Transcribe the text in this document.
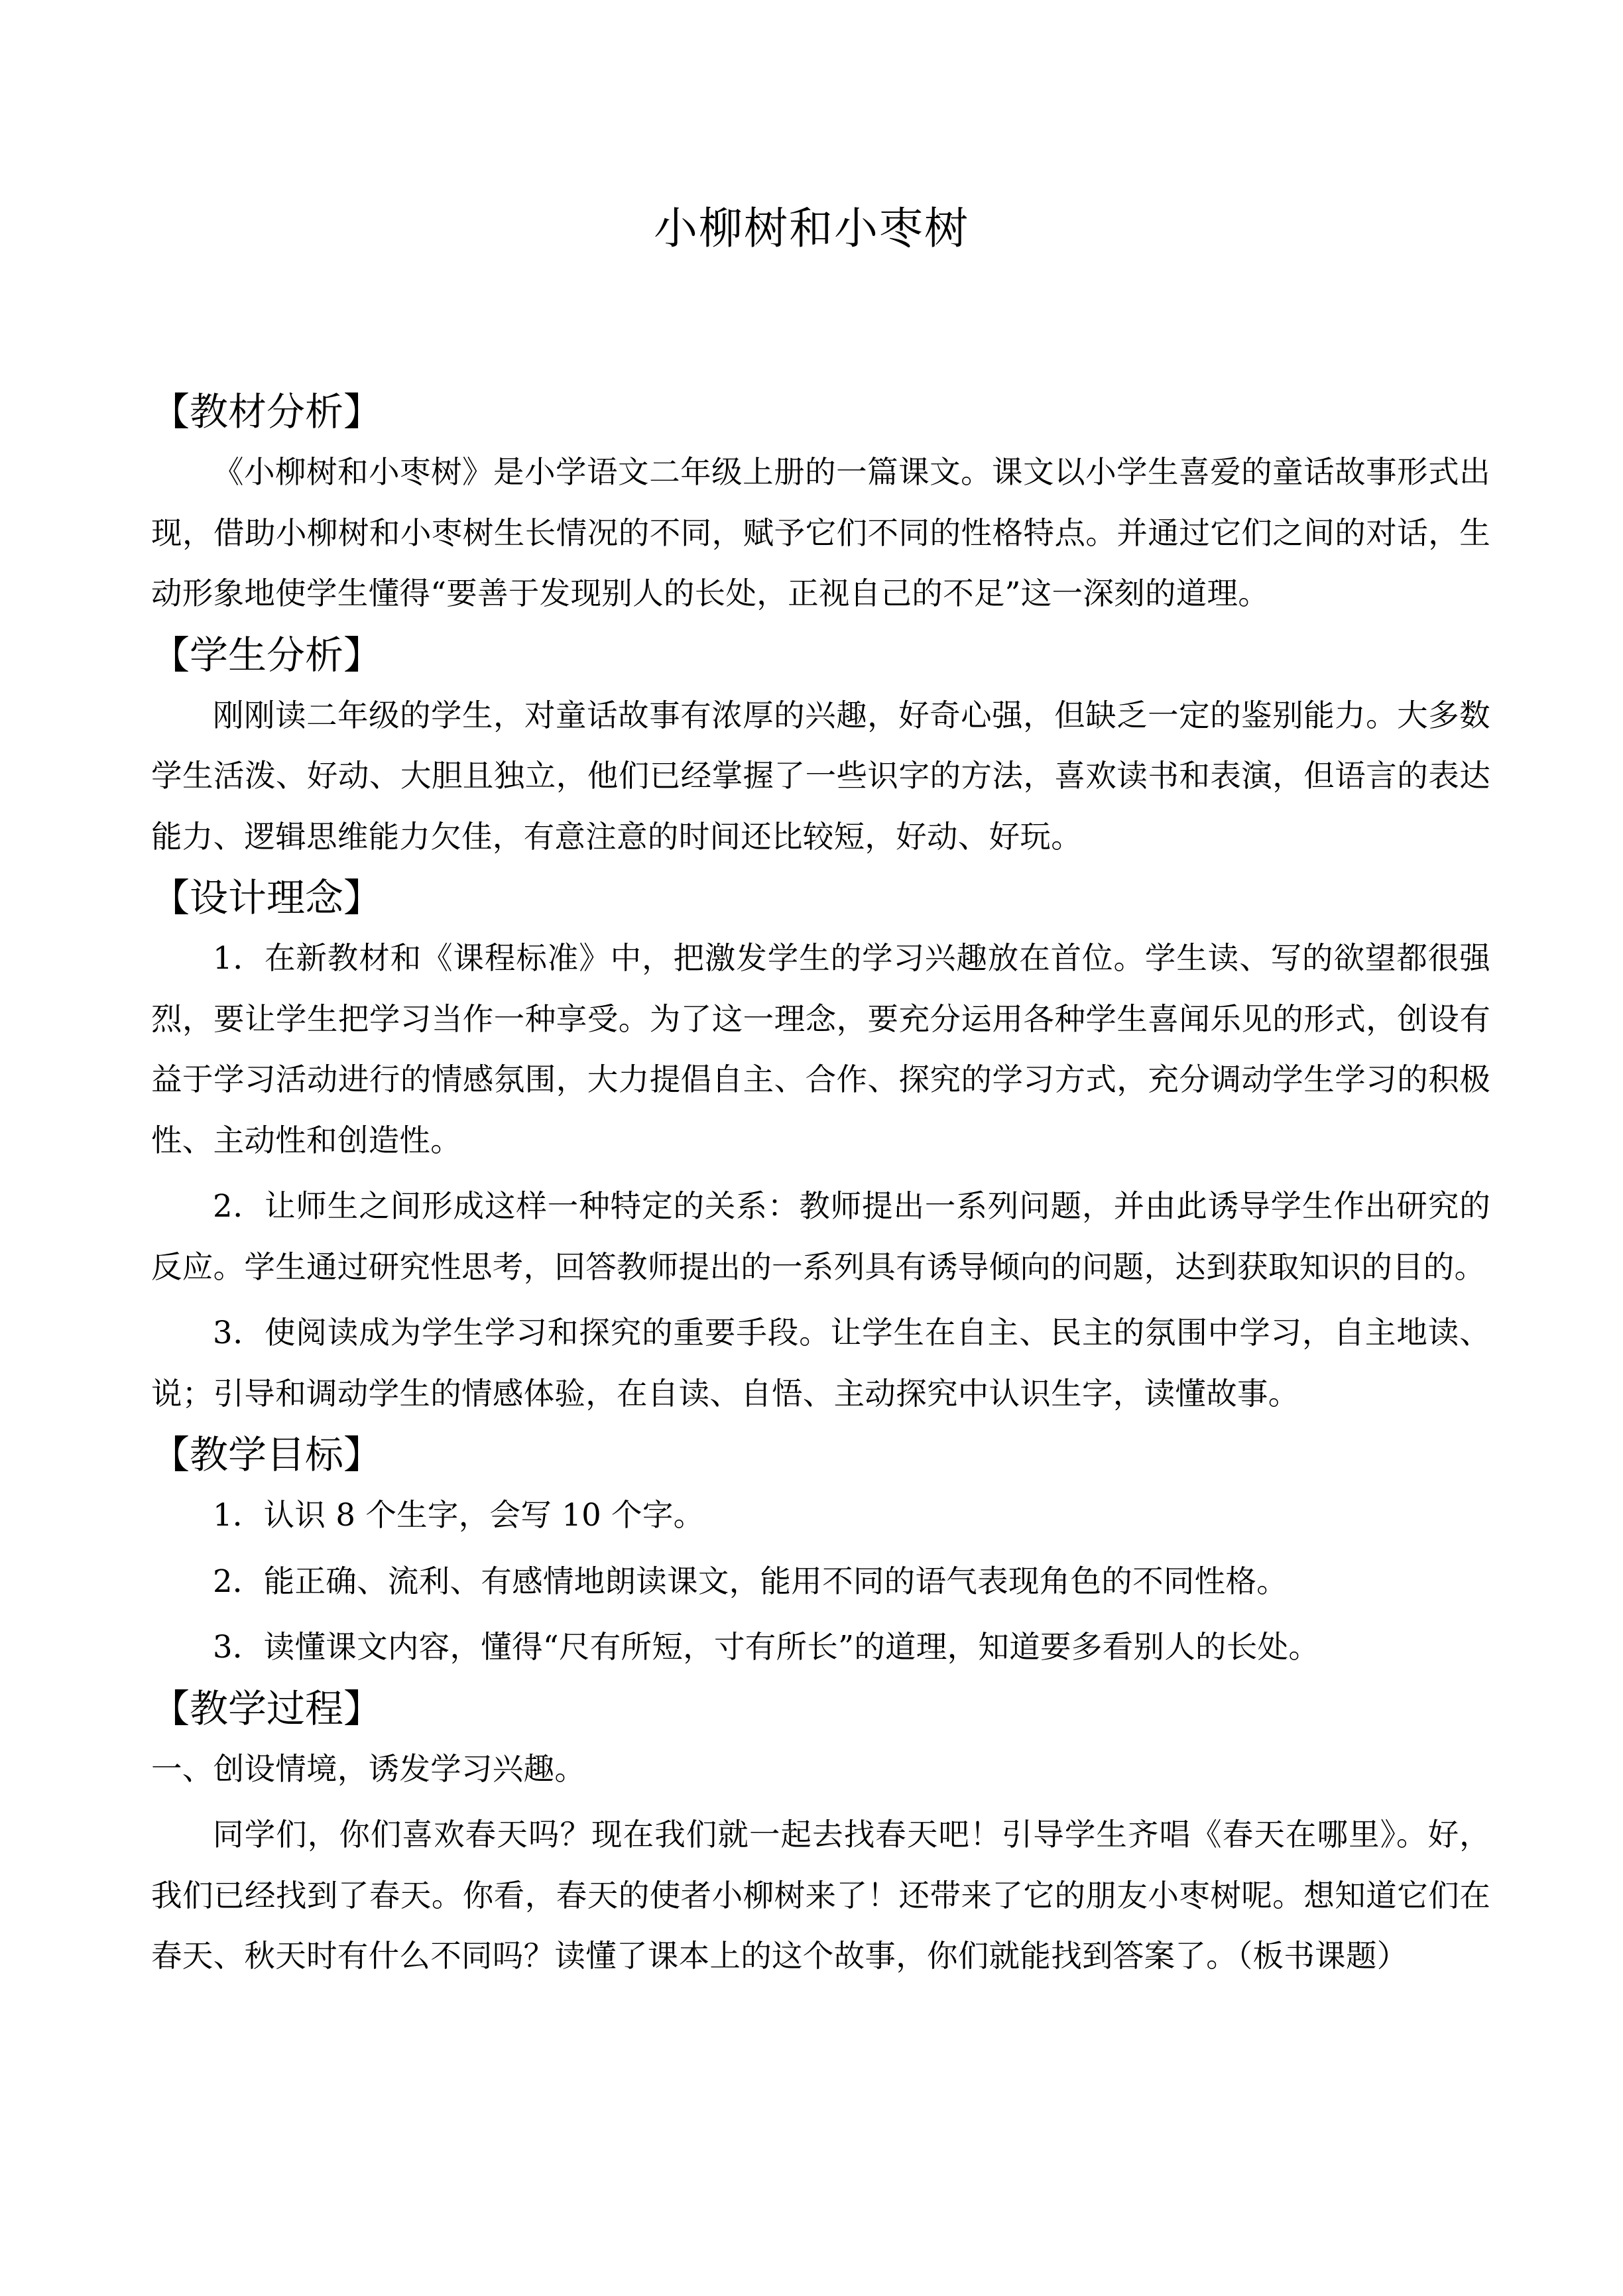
小柳树和小枣树
【教材分析】

《小柳树和小枣树》是小学语文二年级上册的一篇课文。课文以小学生喜爱的童话故事形式出现，借助小柳树和小枣树生长情况的不同，赋予它们不同的性格特点。并通过它们之间的对话，生动形象地使学生懂得“要善于发现别人的长处，正视自己的不足”这一深刻的道理。

【学生分析】

刚刚读二年级的学生，对童话故事有浓厚的兴趣，好奇心强，但缺乏一定的鉴别能力。大多数学生活泼、好动、大胆且独立，他们已经掌握了一些识字的方法，喜欢读书和表演，但语言的表达能力、逻辑思维能力欠佳，有意注意的时间还比较短，好动、好玩。

【设计理念】

1．在新教材和《课程标准》中，把激发学生的学习兴趣放在首位。学生读、写的欲望都很强烈，要让学生把学习当作一种享受。为了这一理念，要充分运用各种学生喜闻乐见的形式，创设有益于学习活动进行的情感氛围，大力提倡自主、合作、探究的学习方式，充分调动学生学习的积极性、主动性和创造性。

2．让师生之间形成这样一种特定的关系：教师提出一系列问题，并由此诱导学生作出研究的反应。学生通过研究性思考，回答教师提出的一系列具有诱导倾向的问题，达到获取知识的目的。

3．使阅读成为学生学习和探究的重要手段。让学生在自主、民主的氛围中学习，自主地读、说；引导和调动学生的情感体验，在自读、自悟、主动探究中认识生字，读懂故事。

【教学目标】

1．认识 8 个生字，会写 10 个字。

2．能正确、流利、有感情地朗读课文，能用不同的语气表现角色的不同性格。

3．读懂课文内容，懂得“尺有所短，寸有所长”的道理，知道要多看别人的长处。

【教学过程】

一、创设情境，诱发学习兴趣。

同学们，你们喜欢春天吗？现在我们就一起去找春天吧！引导学生齐唱《春天在哪里》。好，我们已经找到了春天。你看，春天的使者小柳树来了！还带来了它的朋友小枣树呢。想知道它们在春天、秋天时有什么不同吗？读懂了课本上的这个故事，你们就能找到答案了。（板书课题）
